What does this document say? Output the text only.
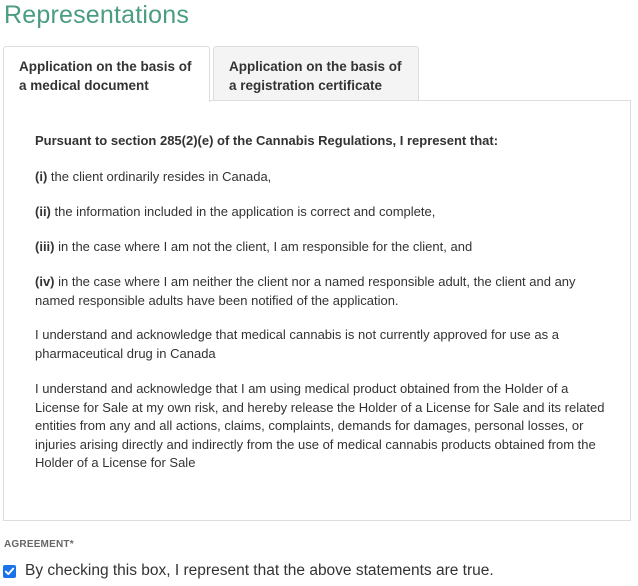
Representations
Application on the basis of a medical document
Application on the basis of a registration certificate

Pursuant to section 285(2)(e) of the Cannabis Regulations, I represent that:

(i) the client ordinarily resides in Canada,

(ii) the information included in the application is correct and complete,

(iii) in the case where I am not the client, I am responsible for the client, and

(iv) in the case where I am neither the client nor a named responsible adult, the client and any named responsible adults have been notified of the application.

I understand and acknowledge that medical cannabis is not currently approved for use as a pharmaceutical drug in Canada

I understand and acknowledge that I am using medical product obtained from the Holder of a License for Sale at my own risk, and hereby release the Holder of a License for Sale and its related entities from any and all actions, claims, complaints, demands for damages, personal losses, or injuries arising directly and indirectly from the use of medical cannabis products obtained from the Holder of a License for Sale

AGREEMENT*
By checking this box, I represent that the above statements are true.
